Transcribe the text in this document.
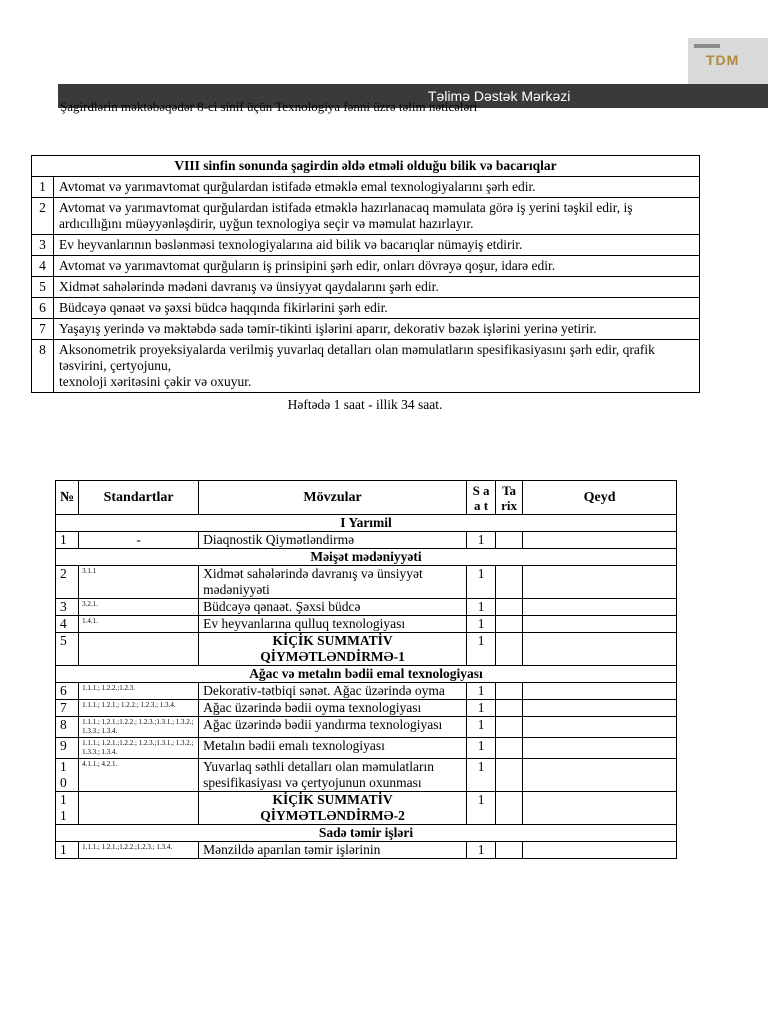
TDM
Şagirdlərin məktəbəqədər 8-ci sinif üçün Texnologiya fənni üzrə təlim nəticələri
Təlimə Dəstək Mərkəzi
VIII sinfin sonunda şagirdin əldə etməli olduğu bilik və bacarıqlar	
1	Avtomat və yarımavtomat qurğulardan istifadə etməklə emal texnologiyalarını şərh edir.
2	Avtomat və yarımavtomat qurğulardan istifadə etməklə hazırlanacaq məmulata görə iş yerini təşkil edir, iş ardıcıllığını müəyyənləşdirir, uyğun texnologiya seçir və məmulat hazırlayır.
3	Ev heyvanlarının bəslənməsi texnologiyalarına aid bilik və bacarıqlar nümayiş etdirir.
4	Avtomat və yarımavtomat qurğuların iş prinsipini şərh edir, onları dövrəyə qoşur, idarə edir.
5	Xidmət sahələrində mədəni davranış və ünsiyyət qaydalarını şərh edir.
6	Büdcəyə qənaət və şəxsi büdcə haqqında fikirlərini şərh edir.
7	Yaşayış yerində və məktəbdə sadə təmir-tikinti işlərini aparır, dekorativ bəzək işlərini yerinə yetirir.
8	Aksonometrik proyeksiyalarda verilmiş yuvarlaq detalları olan məmulatların spesifikasiyasını şərh edir, qrafik təsvirini, çertyojunu,
texnoloji xəritəsini çəkir və oxuyur.
Həftədə 1 saat - illik 34 saat.
№	Standartlar	Mövzular	S a a t	Ta rix	Qeyd
I Yarımil					
1	-	Diaqnostik Qiymətləndirmə	1		
Məişət mədəniyyəti					
2	3.1.1	Xidmət sahələrində davranış və ünsiyyət mədəniyyəti	1		
3	3.2.1.	Büdcəyə qənaət. Şəxsi büdcə	1		
4	1.4.1.	Ev heyvanlarına qulluq texnologiyası	1		
5		KİÇİK SUMMATİV QİYMƏTLƏNDİRMƏ-1	1		
Ağac və metalın bədii emal texnologiyası					
6	1.1.1.; 1.2.2.;1.2.3.	Dekorativ-tətbiqi sənət. Ağac üzərində oyma	1		
7	1.1.1.; 1.2.1.; 1.2.2.; 1.2.3.; 1.3.4.	Ağac üzərində bədii oyma texnologiyası	1		
8	1.1.1.; 1.2.1.;1.2.2.; 1.2.3.;1.3.1.; 1.3.2.; 1.3.3.; 1.3.4.	Ağac üzərində bədii yandırma texnologiyası	1		
9	1.1.1.; 1.2.1.;1.2.2.; 1.2.3.;1.3.1.; 1.3.2.; 1.3.3.; 1.3.4.	Metalın bədii emalı texnologiyası	1		
1 0	4.1.1.; 4.2.1.	Yuvarlaq səthli detalları olan məmulatların spesifikasiyası və çertyojunun oxunması	1		
1 1		KİÇİK SUMMATİV QİYMƏTLƏNDİRMƏ-2	1		
Sadə təmir işləri					
1	1.1.1.; 1.2.1.;1.2.2.;1.2.3.; 1.3.4.	Mənzildə aparılan təmir işlərinin	1		
